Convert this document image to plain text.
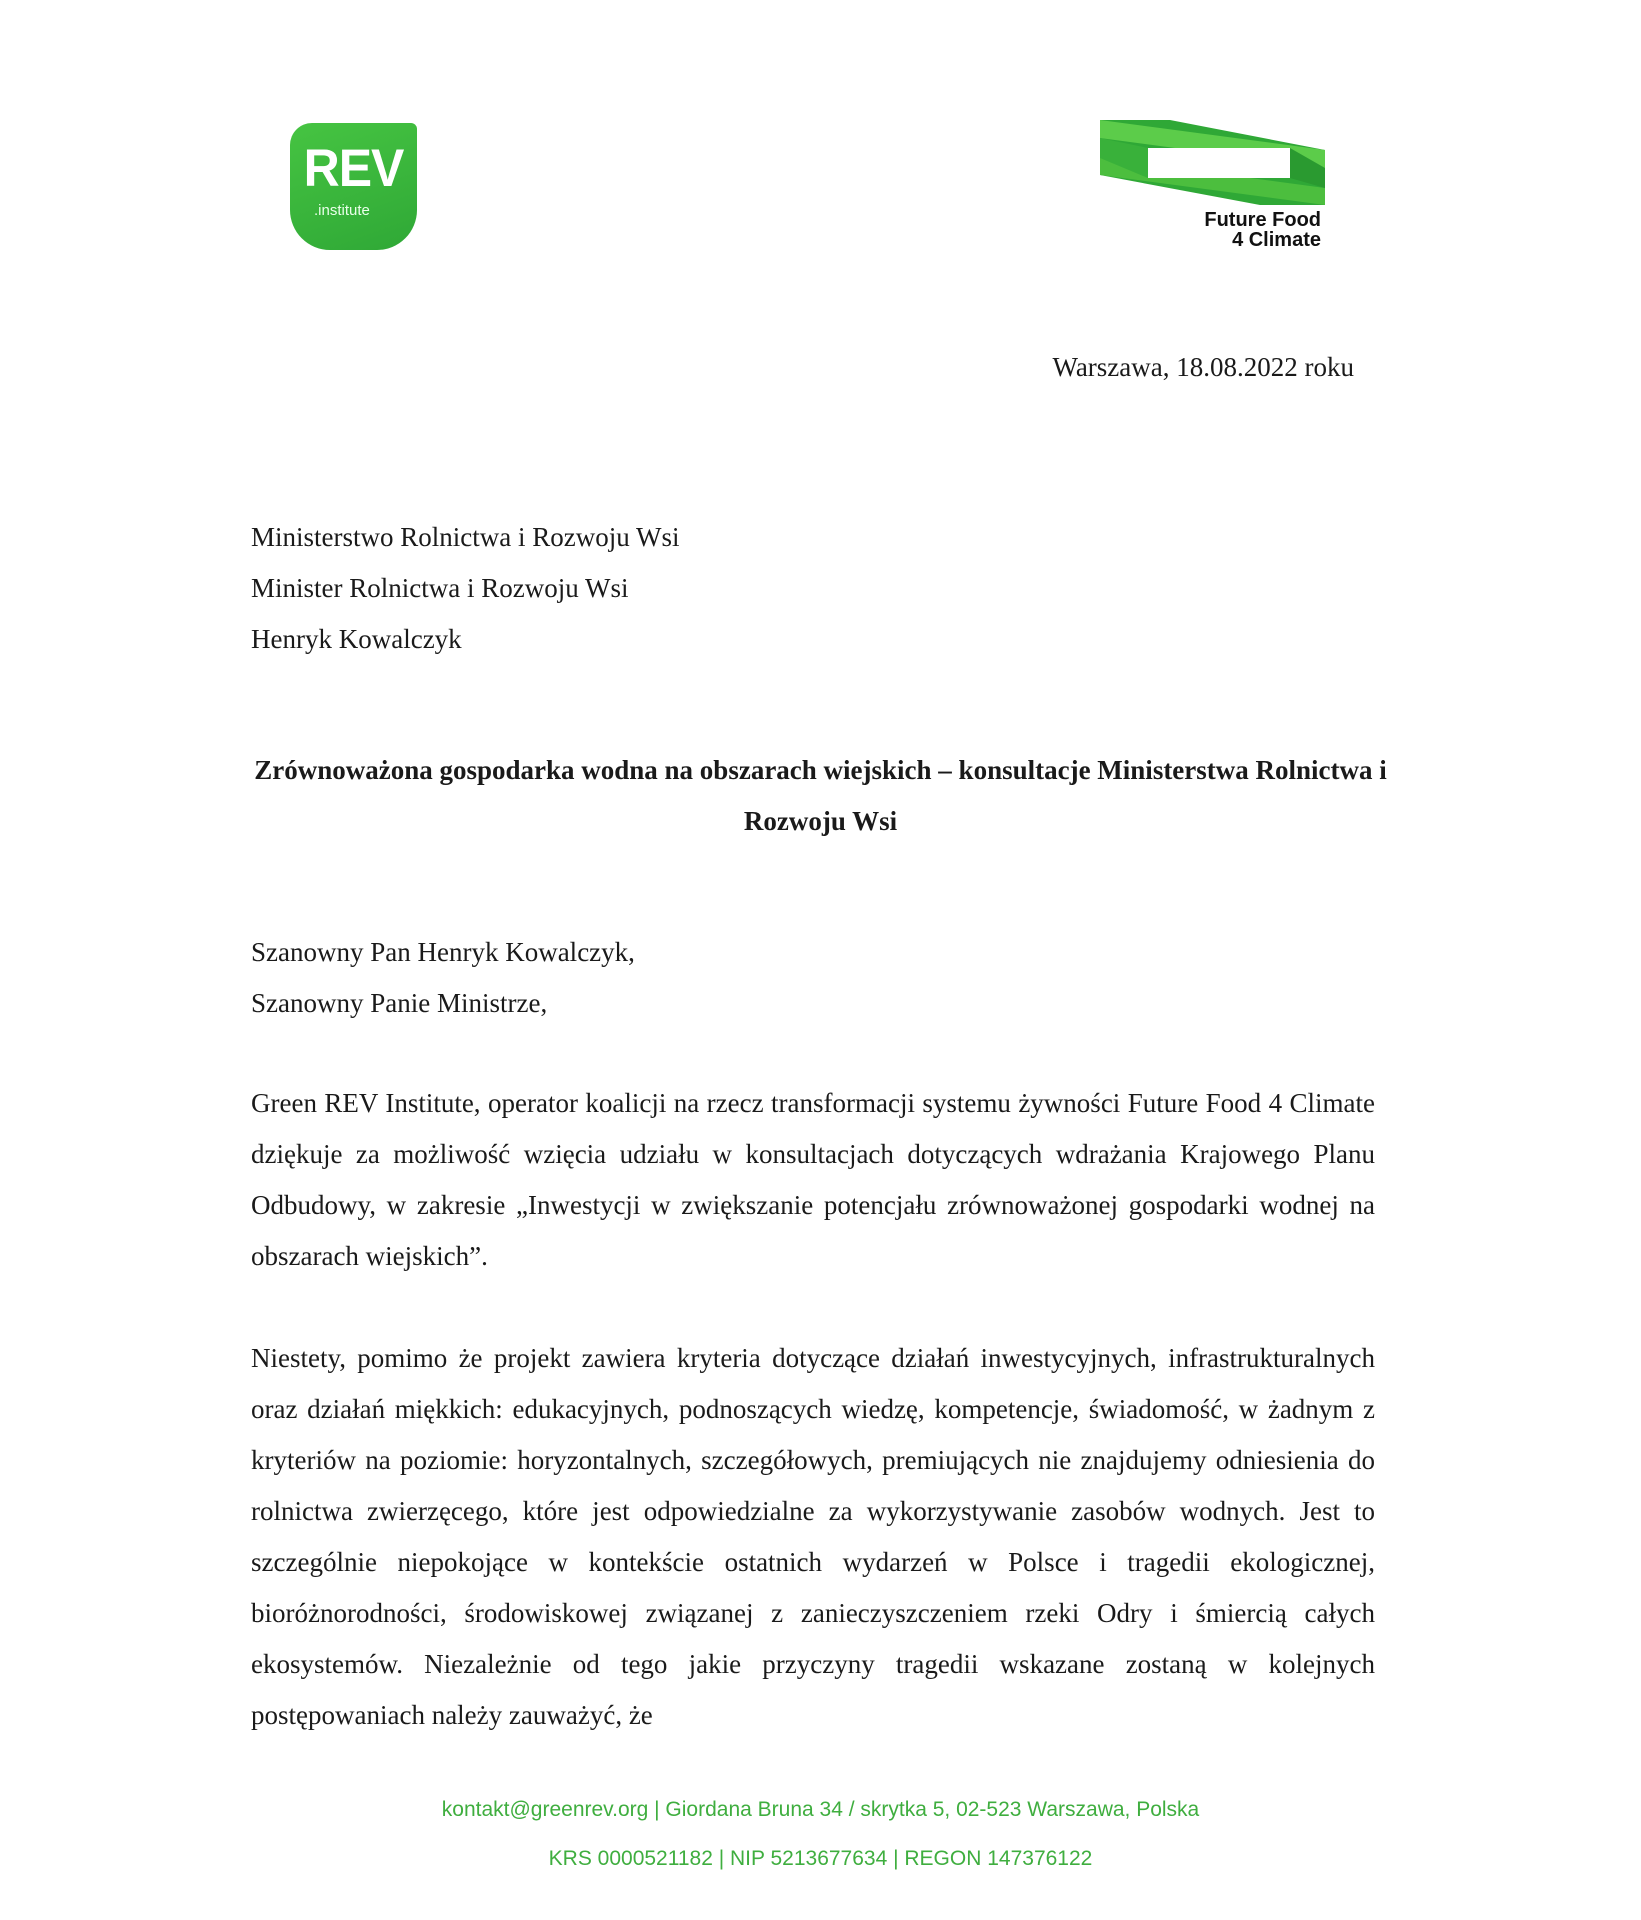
REV
.institute	Future Food
4 Climate
Warszawa, 18.08.2022 roku
Ministerstwo Rolnictwa i Rozwoju Wsi
Minister Rolnictwa i Rozwoju Wsi
Henryk Kowalczyk
Zrównoważona gospodarka wodna na obszarach wiejskich – konsultacje Ministerstwa Rolnictwa i Rozwoju Wsi
Szanowny Pan Henryk Kowalczyk,
Szanowny Panie Ministrze,
Green REV Institute, operator koalicji na rzecz transformacji systemu żywności Future Food 4 Climate dziękuje za możliwość wzięcia udziału w konsultacjach dotyczących wdrażania Krajowego Planu Odbudowy, w zakresie „Inwestycji w zwiększanie potencjału zrównoważonej gospodarki wodnej na obszarach wiejskich”.
Niestety, pomimo że projekt zawiera kryteria dotyczące działań inwestycyjnych, infrastrukturalnych oraz działań miękkich: edukacyjnych, podnoszących wiedzę, kompetencje, świadomość, w żadnym z kryteriów na poziomie: horyzontalnych, szczegółowych, premiujących nie znajdujemy odniesienia do rolnictwa zwierzęcego, które jest odpowiedzialne za wykorzystywanie zasobów wodnych. Jest to szczególnie niepokojące w kontekście ostatnich wydarzeń w Polsce i tragedii ekologicznej, bioróżnorodności, środowiskowej związanej z zanieczyszczeniem rzeki Odry i śmiercią całych ekosystemów. Niezależnie od tego jakie przyczyny tragedii wskazane zostaną w kolejnych postępowaniach należy zauważyć, że
kontakt@greenrev.org | Giordana Bruna 34 / skrytka 5, 02-523 Warszawa, Polska
KRS 0000521182 | NIP 5213677634 | REGON 147376122
